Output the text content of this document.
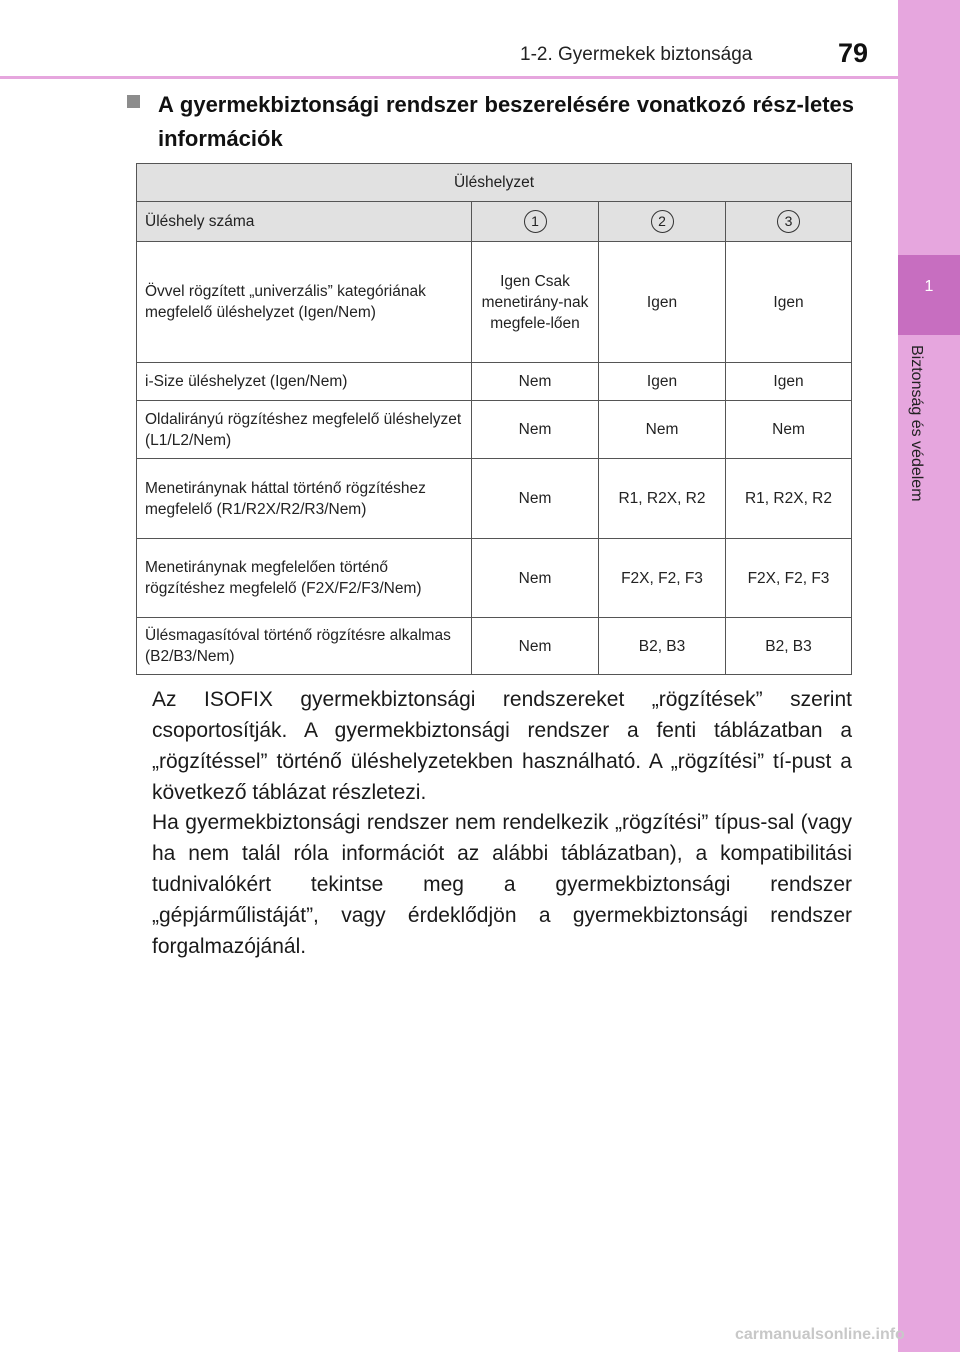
1-2. Gyermekek biztonsága	79
1
Biztonság és védelem
A gyermekbiztonsági rendszer beszerelésére vonatkozó rész-letes információk
Üléshelyzet			
Üléshely száma	1	2	3
Övvel rögzített „univerzális” kategóriának megfelelő üléshelyzet (Igen/Nem)	Igen Csak menetirány-nak megfele-lően	Igen	Igen
i-Size üléshelyzet (Igen/Nem)	Nem	Igen	Igen
Oldalirányú rögzítéshez megfelelő üléshelyzet (L1/L2/Nem)	Nem	Nem	Nem
Menetiránynak háttal történő rögzítéshez megfelelő (R1/R2X/R2/R3/Nem)	Nem	R1, R2X, R2	R1, R2X, R2
Menetiránynak megfelelően történő rögzítéshez megfelelő (F2X/F2/F3/Nem)	Nem	F2X, F2, F3	F2X, F2, F3
Ülésmagasítóval történő rögzítésre alkalmas (B2/B3/Nem)	Nem	B2, B3	B2, B3

Az ISOFIX gyermekbiztonsági rendszereket „rögzítések” szerint csoportosítják. A gyermekbiztonsági rendszer a fenti táblázatban a „rögzítéssel” történő üléshelyzetekben használható. A „rögzítési” tí-pust a következő táblázat részletezi.

Ha gyermekbiztonsági rendszer nem rendelkezik „rögzítési” típus-sal (vagy ha nem talál róla információt az alábbi táblázatban), a kompatibilitási tudnivalókért tekintse meg a gyermekbiztonsági rendszer „gépjárműlistáját”, vagy érdeklődjön a gyermekbiztonsági rendszer forgalmazójánál.

carmanualsonline.info
